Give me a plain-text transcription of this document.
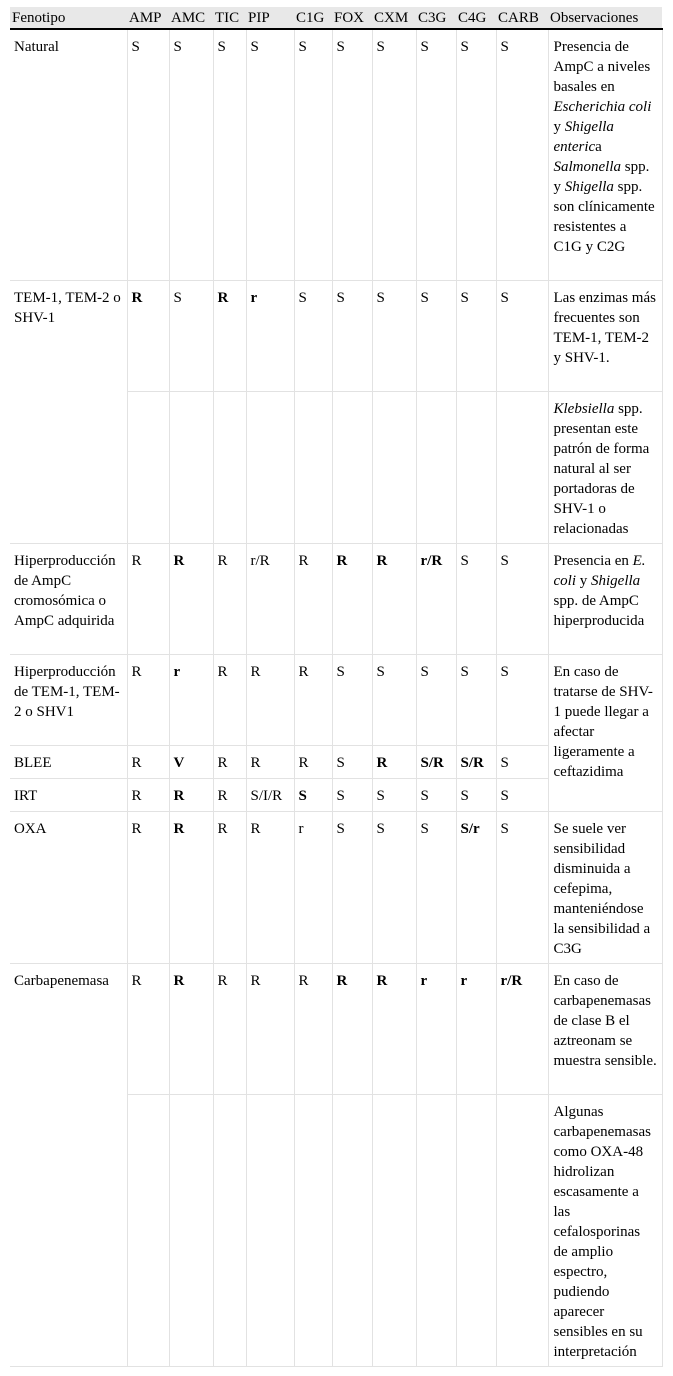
Fenotipo	AMP	AMC	TIC	PIP	C1G	FOX	CXM	C3G	C4G	CARB	Observaciones
Natural	S	S	S	S	S	S	S	S	S	S	Presencia de AmpC a niveles basales en Escherichia coli y Shigella enterica Salmonella spp. y Shigella spp. son clínicamente resistentes a C1G y C2G
TEM-1, TEM-2 o SHV-1	R	S	R	r	S	S	S	S	S	S	Las enzimas más frecuentes son TEM-1, TEM-2 y SHV-1.
											Klebsiella spp. presentan este patrón de forma natural al ser portadoras de SHV-1 o relacionadas
Hiperproducción de AmpC cromosómica o AmpC adquirida	R	R	R	r/R	R	R	R	r/R	S	S	Presencia en E. coli y Shigella spp. de AmpC hiperproducida
Hiperproducción de TEM-1, TEM-2 o SHV1	R	r	R	R	R	S	S	S	S	S	En caso de tratarse de SHV-1 puede llegar a afectar ligeramente a ceftazidima
BLEE	R	V	R	R	R	S	R	S/R	S/R	S	
IRT	R	R	R	S/I/R	S	S	S	S	S	S	
OXA	R	R	R	R	r	S	S	S	S/r	S	Se suele ver sensibilidad disminuida a cefepima, manteniéndose la sensibilidad a C3G
Carbapenemasa	R	R	R	R	R	R	R	r	r	r/R	En caso de carbapenemasas de clase B el aztreonam se muestra sensible.
											Algunas carbapenemasas como OXA-48 hidrolizan escasamente a las cefalosporinas de amplio espectro, pudiendo aparecer sensibles en su interpretación
